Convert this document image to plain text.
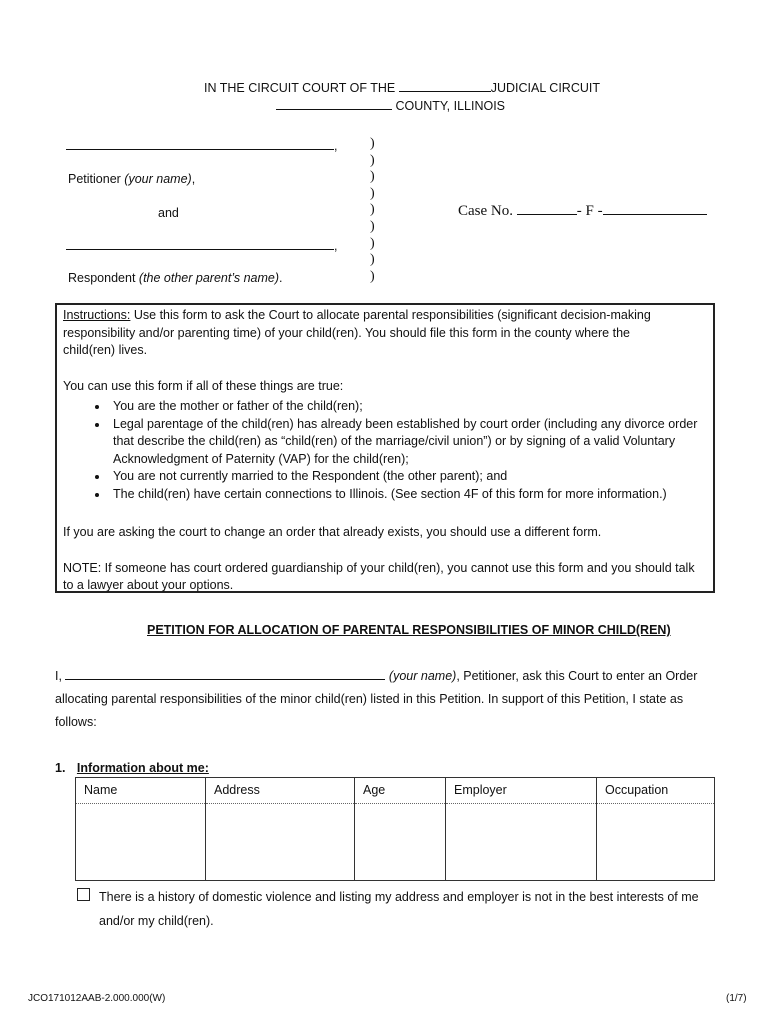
IN THE CIRCUIT COURT OF THE	JUDICIAL CIRCUIT
COUNTY, ILLINOIS
,
Petitioner (your name),
and
,
Respondent (the other parent’s name).
)
)
)
)
)
)
)
)
)
Case No.	- F -
Instructions: Use this form to ask the Court to allocate parental responsibilities (significant decision-making
responsibility and/or parenting time) of your child(ren). You should file this form in the county where the
child(ren) lives.
You can use this form if all of these things are true:
• You are the mother or father of the child(ren);
• Legal parentage of the child(ren) has already been established by court order (including any divorce order that describe the child(ren) as “child(ren) of the marriage/civil union”) or by signing of a valid Voluntary Acknowledgment of Paternity (VAP) for the child(ren);
• You are not currently married to the Respondent (the other parent); and
• The child(ren) have certain connections to Illinois. (See section 4F of this form for more information.)
If you are asking the court to change an order that already exists, you should use a different form.
NOTE: If someone has court ordered guardianship of your child(ren), you cannot use this form and you should talk
to a lawyer about your options.
PETITION FOR ALLOCATION OF PARENTAL RESPONSIBILITIES OF MINOR CHILD(REN)
I,	(your name), Petitioner, ask this Court to enter an Order
allocating parental responsibilities of the minor child(ren) listed in this Petition. In support of this Petition, I state as
follows:
1. Information about me:
Name	Address	Age	Employer	Occupation

There is a history of domestic violence and listing my address and employer is not in the best interests of me
and/or my child(ren).
JCO171012AAB-2.000.000(W)	(1/7)
